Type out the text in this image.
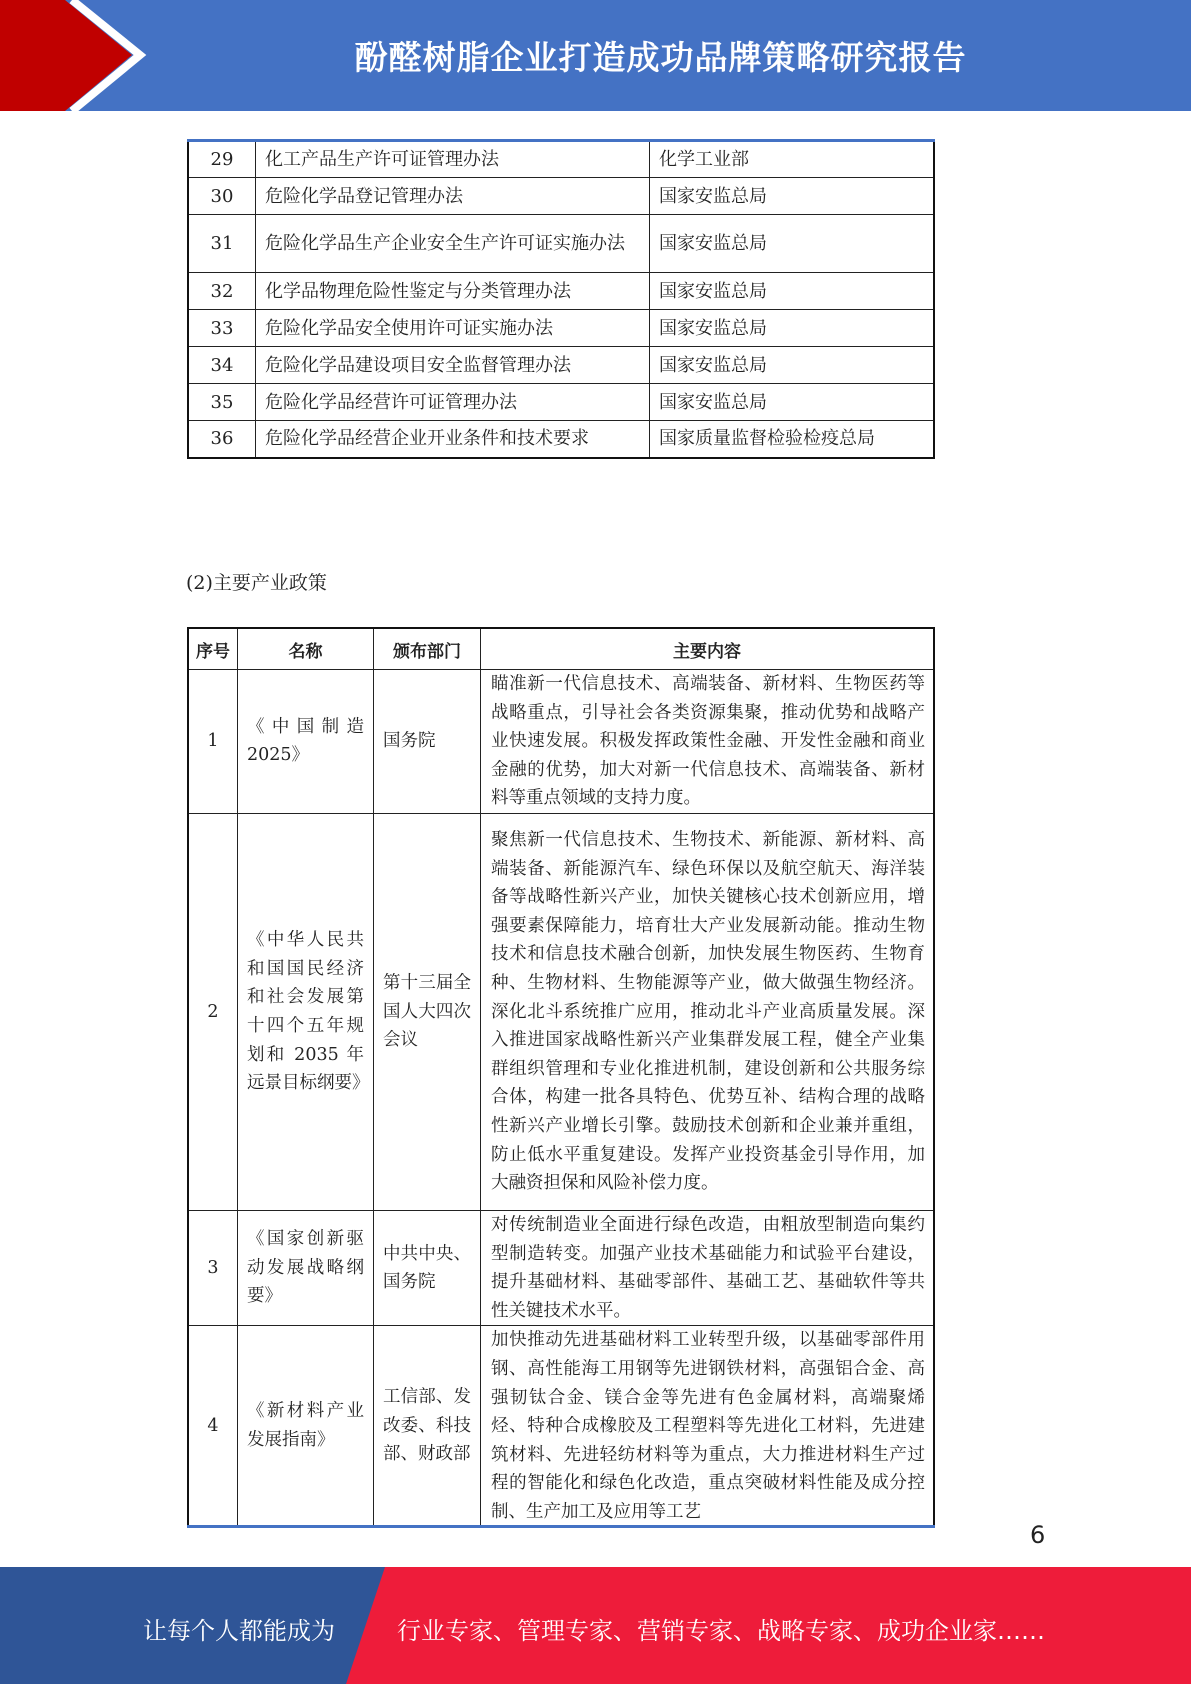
酚醛树脂企业打造成功品牌策略研究报告
29	化工产品生产许可证管理办法	化学工业部
30	危险化学品登记管理办法	国家安监总局
31	危险化学品生产企业安全生产许可证实施办法	国家安监总局
32	化学品物理危险性鉴定与分类管理办法	国家安监总局
33	危险化学品安全使用许可证实施办法	国家安监总局
34	危险化学品建设项目安全监督管理办法	国家安监总局
35	危险化学品经营许可证管理办法	国家安监总局
36	危险化学品经营企业开业条件和技术要求	国家质量监督检验检疫总局
(2)主要产业政策
序号	名称	颁布部门	主要内容
1	《中国制造2025》	国务院	瞄准新一代信息技术、高端装备、新材料、生物医药等战略重点，引导社会各类资源集聚，推动优势和战略产业快速发展。积极发挥政策性金融、开发性金融和商业金融的优势，加大对新一代信息技术、高端装备、新材料等重点领域的支持力度。
2	《中华人民共和国国民经济和社会发展第十四个五年规划和 2035 年远景目标纲要》	第十三届全国人大四次会议	聚焦新一代信息技术、生物技术、新能源、新材料、高端装备、新能源汽车、绿色环保以及航空航天、海洋装备等战略性新兴产业，加快关键核心技术创新应用，增强要素保障能力，培育壮大产业发展新动能。推动生物技术和信息技术融合创新，加快发展生物医药、生物育种、生物材料、生物能源等产业，做大做强生物经济。深化北斗系统推广应用，推动北斗产业高质量发展。深入推进国家战略性新兴产业集群发展工程，健全产业集群组织管理和专业化推进机制，建设创新和公共服务综合体，构建一批各具特色、优势互补、结构合理的战略性新兴产业增长引擎。鼓励技术创新和企业兼并重组，防止低水平重复建设。发挥产业投资基金引导作用，加大融资担保和风险补偿力度。
3	《国家创新驱动发展战略纲要》	中共中央、国务院	对传统制造业全面进行绿色改造，由粗放型制造向集约型制造转变。加强产业技术基础能力和试验平台建设，提升基础材料、基础零部件、基础工艺、基础软件等共性关键技术水平。
4	《新材料产业发展指南》	工信部、发改委、科技部、财政部	加快推动先进基础材料工业转型升级，以基础零部件用钢、高性能海工用钢等先进钢铁材料，高强铝合金、高强韧钛合金、镁合金等先进有色金属材料，高端聚烯烃、特种合成橡胶及工程塑料等先进化工材料，先进建筑材料、先进轻纺材料等为重点，大力推进材料生产过程的智能化和绿色化改造，重点突破材料性能及成分控制、生产加工及应用等工艺
6
让每个人都能成为	行业专家、管理专家、营销专家、战略专家、成功企业家……
